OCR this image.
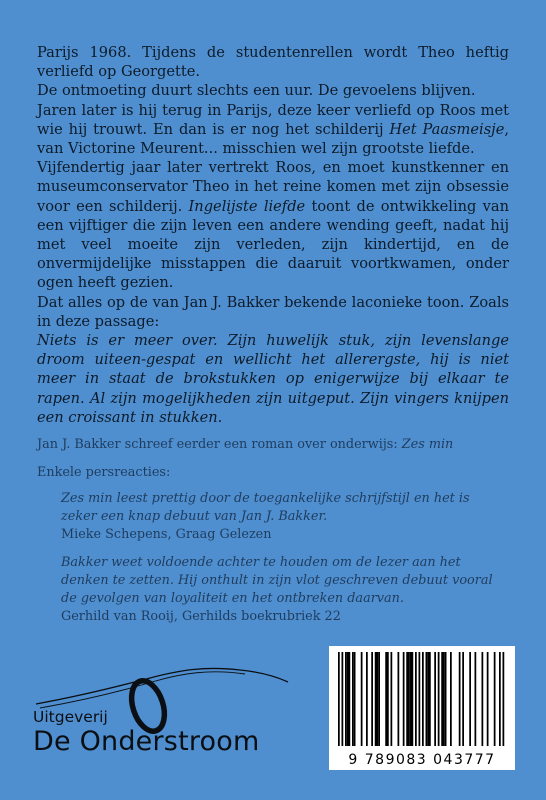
Parijs 1968. Tijdens de studentenrellen wordt Theo heftig verliefd op Georgette.

De ontmoeting duurt slechts een uur. De gevoelens blijven.

Jaren later is hij terug in Parijs, deze keer verliefd op Roos met wie hij trouwt. En dan is er nog het schilderij Het Paasmeisje, van Victorine Meurent... misschien wel zijn grootste liefde.

Vijfendertig jaar later vertrekt Roos, en moet kunstkenner en museumconservator Theo in het reine komen met zijn obsessie voor een schilderij. Ingelijste liefde toont de ontwikkeling van een vijftiger die zijn leven een andere wending geeft, nadat hij met veel moeite zijn verleden, zijn kindertijd, en de onvermijdelijke misstappen die daaruit voortkwamen, onder ogen heeft gezien.

Dat alles op de van Jan J. Bakker bekende laconieke toon. Zoals in deze passage:

Niets is er meer over. Zijn huwelijk stuk, zijn levenslange droom uiteen-gespat en wellicht het allerergste, hij is niet meer in staat de brokstukken op enigerwijze bij elkaar te rapen. Al zijn mogelijkheden zijn uitgeput. Zijn vingers knijpen een croissant in stukken.

Jan J. Bakker schreef eerder een roman over onderwijs: Zes min

Enkele persreacties:

Zes min leest prettig door de toegankelijke schrijfstijl en het is zeker een knap debuut van Jan J. Bakker.

Mieke Schepens, Graag Gelezen

Bakker weet voldoende achter te houden om de lezer aan het denken te zetten. Hij onthult in zijn vlot geschreven debuut vooral de gevolgen van loyaliteit en het ontbreken daarvan.

Gerhild van Rooij, Gerhilds boekrubriek 22

Uitgeverij
De Onderstroom
9 789083 043777
